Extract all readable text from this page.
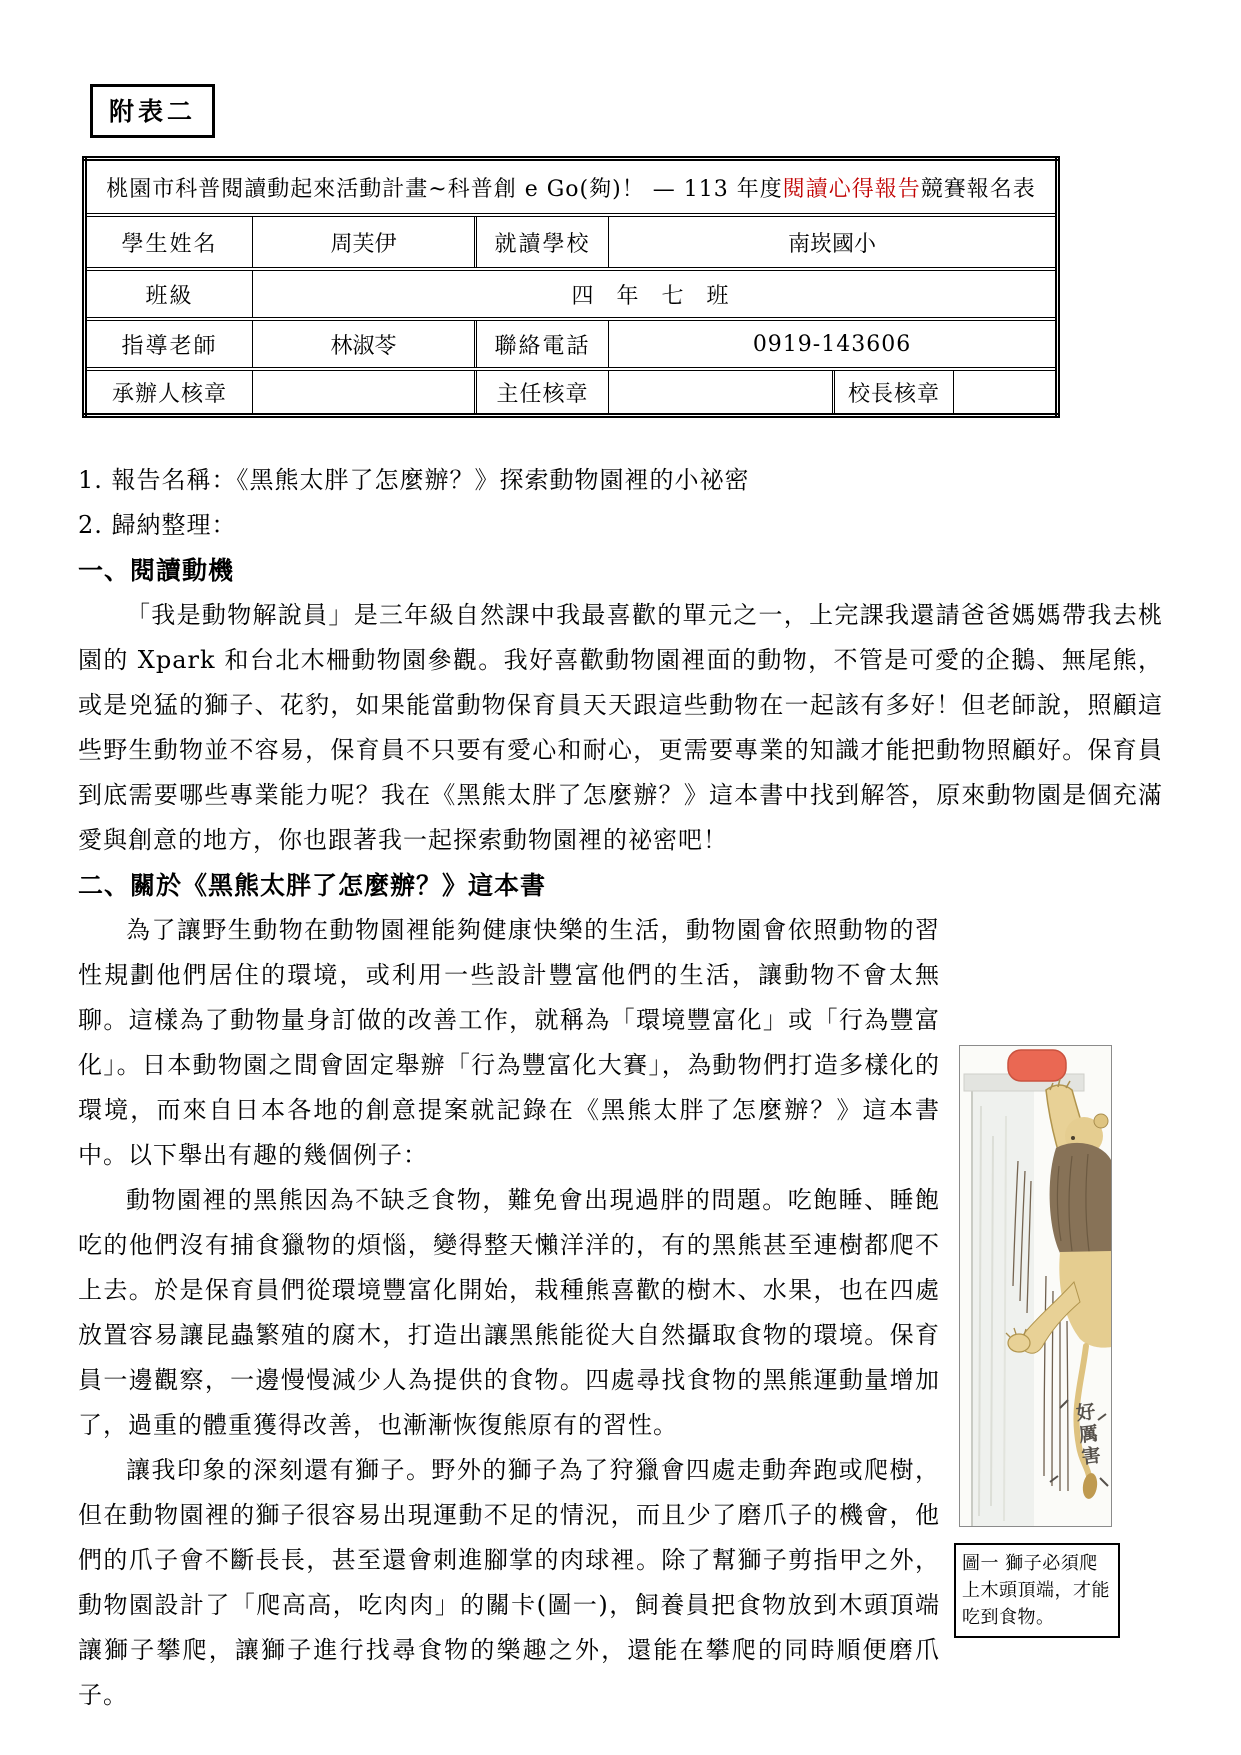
附表二
桃園市科普閱讀動起來活動計畫~科普創 e Go(夠)！ — 113 年度閱讀心得報告競賽報名表					
學生姓名	周芙伊	就讀學校	南崁國小		
班級	四 年 七 班				
指導老師	林淑苓	聯絡電話	0919-143606		
承辦人核章		主任核章		校長核章	

1. 報告名稱：《黑熊太胖了怎麼辦？》探索動物園裡的小祕密

2. 歸納整理：

一、閱讀動機

「我是動物解說員」是三年級自然課中我最喜歡的單元之一，上完課我還請爸爸媽媽帶我去桃園的 Xpark 和台北木柵動物園參觀。我好喜歡動物園裡面的動物，不管是可愛的企鵝、無尾熊，或是兇猛的獅子、花豹，如果能當動物保育員天天跟這些動物在一起該有多好！但老師說，照顧這些野生動物並不容易，保育員不只要有愛心和耐心，更需要專業的知識才能把動物照顧好。保育員到底需要哪些專業能力呢？我在《黑熊太胖了怎麼辦？》這本書中找到解答，原來動物園是個充滿愛與創意的地方，你也跟著我一起探索動物園裡的祕密吧！

二、關於《黑熊太胖了怎麼辦？》這本書

好厲害
圖一 獅子必須爬上木頭頂端，才能吃到食物。

為了讓野生動物在動物園裡能夠健康快樂的生活，動物園會依照動物的習性規劃他們居住的環境，或利用一些設計豐富他們的生活，讓動物不會太無聊。這樣為了動物量身訂做的改善工作，就稱為「環境豐富化」或「行為豐富化」。日本動物園之間會固定舉辦「行為豐富化大賽」，為動物們打造多樣化的環境，而來自日本各地的創意提案就記錄在《黑熊太胖了怎麼辦？》這本書中。以下舉出有趣的幾個例子：

動物園裡的黑熊因為不缺乏食物，難免會出現過胖的問題。吃飽睡、睡飽吃的他們沒有捕食獵物的煩惱，變得整天懶洋洋的，有的黑熊甚至連樹都爬不上去。於是保育員們從環境豐富化開始，栽種熊喜歡的樹木、水果，也在四處放置容易讓昆蟲繁殖的腐木，打造出讓黑熊能從大自然攝取食物的環境。保育員一邊觀察，一邊慢慢減少人為提供的食物。四處尋找食物的黑熊運動量增加了，過重的體重獲得改善，也漸漸恢復熊原有的習性。

讓我印象的深刻還有獅子。野外的獅子為了狩獵會四處走動奔跑或爬樹，但在動物園裡的獅子很容易出現運動不足的情況，而且少了磨爪子的機會，他們的爪子會不斷長長，甚至還會刺進腳掌的肉球裡。除了幫獅子剪指甲之外，動物園設計了「爬高高，吃肉肉」的關卡(圖一)，飼養員把食物放到木頭頂端讓獅子攀爬，讓獅子進行找尋食物的樂趣之外，還能在攀爬的同時順便磨爪子。
